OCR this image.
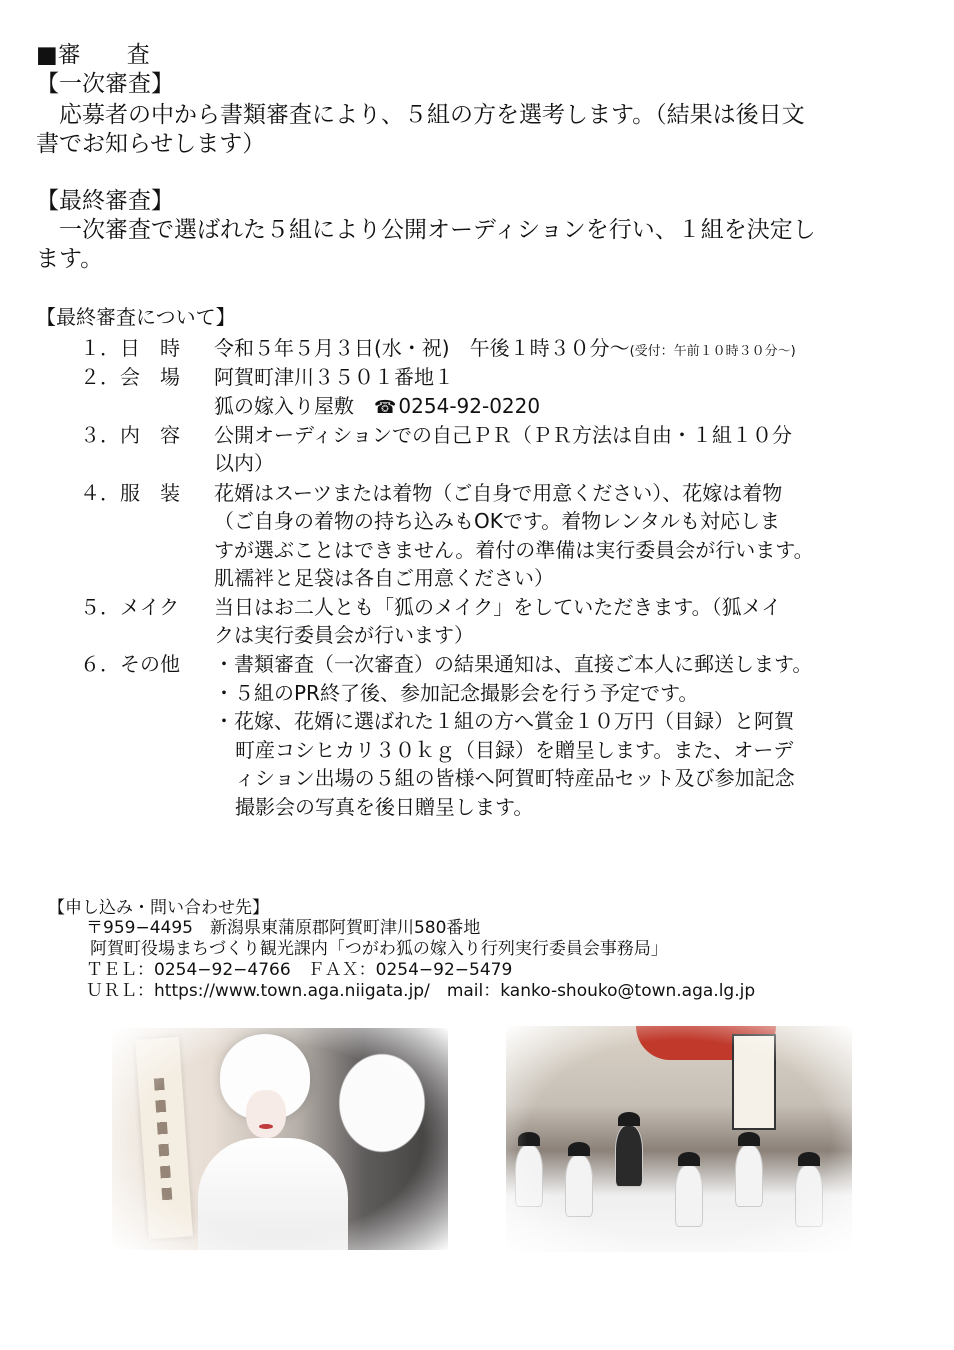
■審　　査
【一次審査】
　応募者の中から書類審査により、５組の方を選考します。（結果は後日文
書でお知らせします）
【最終審査】
　一次審査で選ばれた５組により公開オーディションを行い、１組を決定し
ます。
【最終審査について】
１．日　時 令和５年５月３日(水・祝)　午後１時３０分〜(受付：午前１０時３０分〜)
２．会　場 阿賀町津川３５０１番地１
狐の嫁入り屋敷　 ☎ 0254-92-0220
３．内　容 公開オーディションでの自己ＰＲ（ＰＲ方法は自由・１組１０分
以内）
４．服　装 花婿はスーツまたは着物（ご自身で用意ください）、花嫁は着物
（ご自身の着物の持ち込みもOKです。着物レンタルも対応しま
すが選ぶことはできません。着付の準備は実行委員会が行います。
肌襦袢と足袋は各自ご用意ください）
５．メイク 当日はお二人とも「狐のメイク」をしていただきます。（狐メイ
クは実行委員会が行います）
６．その他 ・書類審査（一次審査）の結果通知は、直接ご本人に郵送します。
・５組のPR終了後、参加記念撮影会を行う予定です。
・花嫁、花婿に選ばれた１組の方へ賞金１０万円（目録）と阿賀
町産コシヒカリ３０ｋｇ（目録）を贈呈します。また、オーデ
ィション出場の５組の皆様へ阿賀町特産品セット及び参加記念
撮影会の写真を後日贈呈します。
【申し込み・問い合わせ先】
〒959−4495　新潟県東蒲原郡阿賀町津川580番地
阿賀町役場まちづくり観光課内「つがわ狐の嫁入り行列実行委員会事務局」
ＴＥＬ：0254−92−4766　ＦＡＸ：0254−92−5479
ＵＲＬ：https://www.town.aga.niigata.jp/　mail：kanko-shouko@town.aga.lg.jp
